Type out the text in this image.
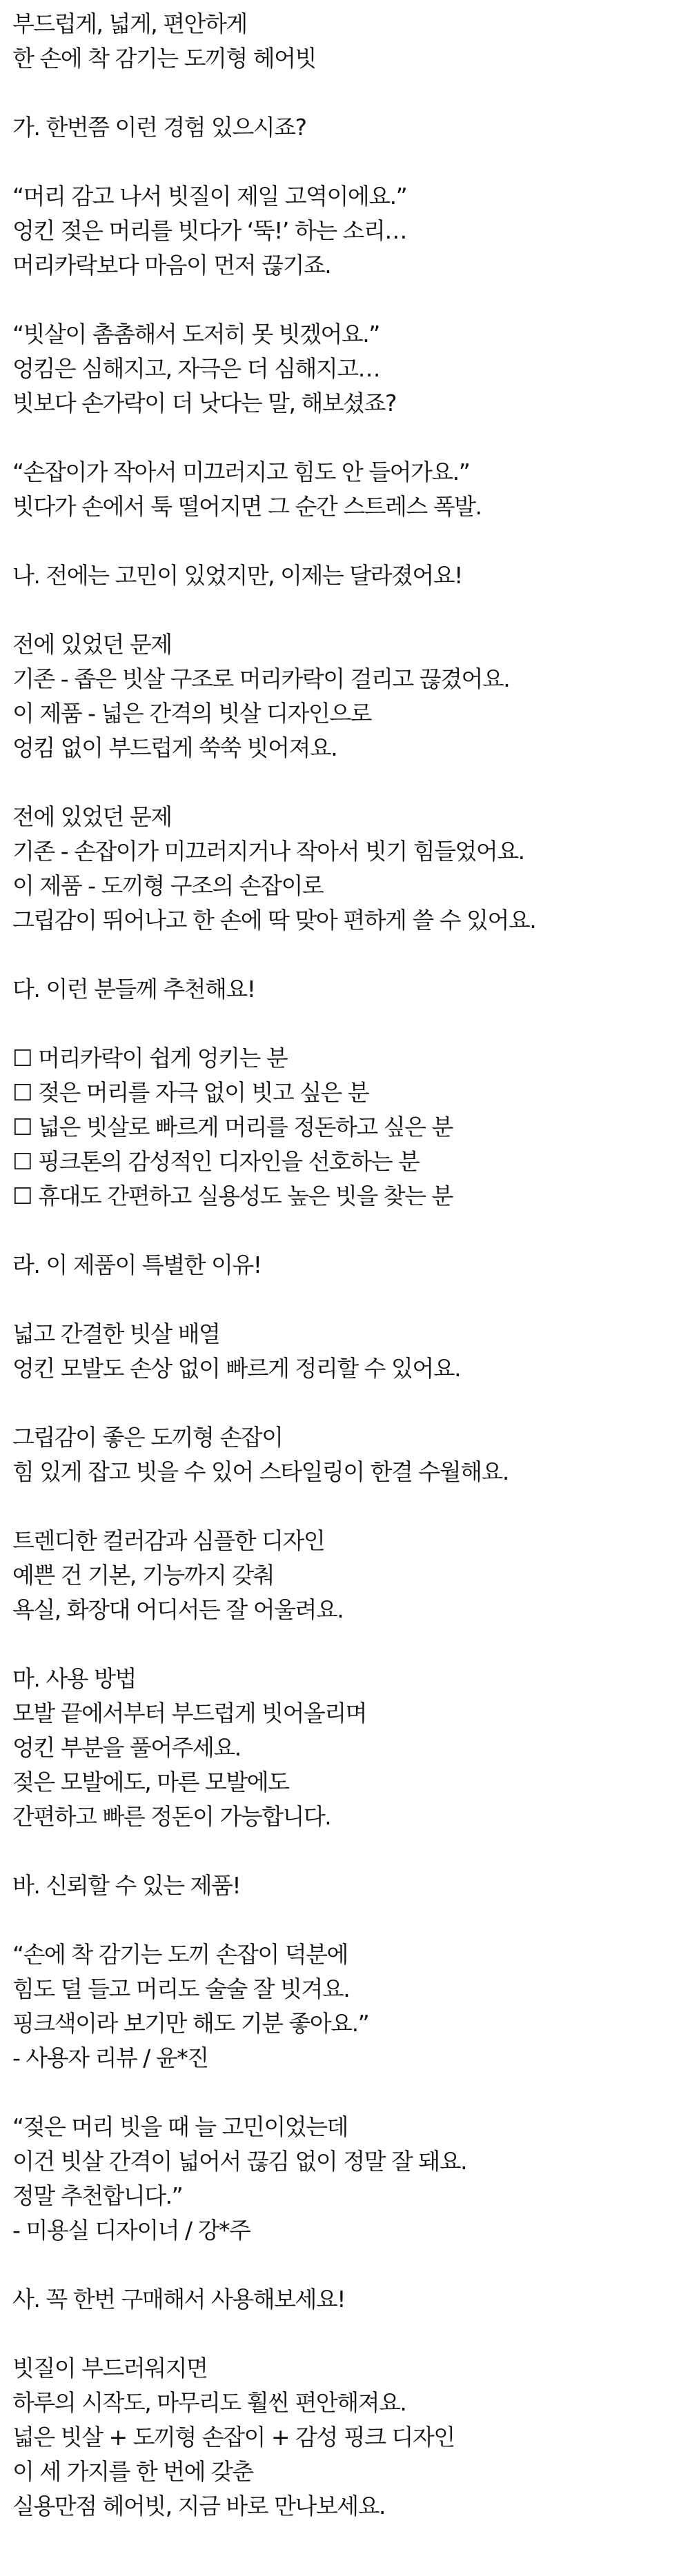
부드럽게, 넓게, 편안하게
한 손에 착 감기는 도끼형 헤어빗
가. 한번쯤 이런 경험 있으시죠?
“머리 감고 나서 빗질이 제일 고역이에요.”
엉킨 젖은 머리를 빗다가 ‘뚝!’ 하는 소리…
머리카락보다 마음이 먼저 끊기죠.
“빗살이 촘촘해서 도저히 못 빗겠어요.”
엉킴은 심해지고, 자극은 더 심해지고…
빗보다 손가락이 더 낫다는 말, 해보셨죠?
“손잡이가 작아서 미끄러지고 힘도 안 들어가요.”
빗다가 손에서 툭 떨어지면 그 순간 스트레스 폭발.
나. 전에는 고민이 있었지만, 이제는 달라졌어요!
전에 있었던 문제
기존 - 좁은 빗살 구조로 머리카락이 걸리고 끊겼어요.
이 제품 - 넓은 간격의 빗살 디자인으로
엉킴 없이 부드럽게 쑥쑥 빗어져요.
전에 있었던 문제
기존 - 손잡이가 미끄러지거나 작아서 빗기 힘들었어요.
이 제품 - 도끼형 구조의 손잡이로
그립감이 뛰어나고 한 손에 딱 맞아 편하게 쓸 수 있어요.
다. 이런 분들께 추천해요!
☐ 머리카락이 쉽게 엉키는 분
☐ 젖은 머리를 자극 없이 빗고 싶은 분
☐ 넓은 빗살로 빠르게 머리를 정돈하고 싶은 분
☐ 핑크톤의 감성적인 디자인을 선호하는 분
☐ 휴대도 간편하고 실용성도 높은 빗을 찾는 분
라. 이 제품이 특별한 이유!
넓고 간결한 빗살 배열
엉킨 모발도 손상 없이 빠르게 정리할 수 있어요.
그립감이 좋은 도끼형 손잡이
힘 있게 잡고 빗을 수 있어 스타일링이 한결 수월해요.
트렌디한 컬러감과 심플한 디자인
예쁜 건 기본, 기능까지 갖춰
욕실, 화장대 어디서든 잘 어울려요.
마. 사용 방법
모발 끝에서부터 부드럽게 빗어올리며
엉킨 부분을 풀어주세요.
젖은 모발에도, 마른 모발에도
간편하고 빠른 정돈이 가능합니다.
바. 신뢰할 수 있는 제품!
“손에 착 감기는 도끼 손잡이 덕분에
힘도 덜 들고 머리도 술술 잘 빗겨요.
핑크색이라 보기만 해도 기분 좋아요.”
- 사용자 리뷰 / 윤*진
“젖은 머리 빗을 때 늘 고민이었는데
이건 빗살 간격이 넓어서 끊김 없이 정말 잘 돼요.
정말 추천합니다.”
- 미용실 디자이너 / 강*주
사. 꼭 한번 구매해서 사용해보세요!
빗질이 부드러워지면
하루의 시작도, 마무리도 훨씬 편안해져요.
넓은 빗살 + 도끼형 손잡이 + 감성 핑크 디자인
이 세 가지를 한 번에 갖춘
실용만점 헤어빗, 지금 바로 만나보세요.
